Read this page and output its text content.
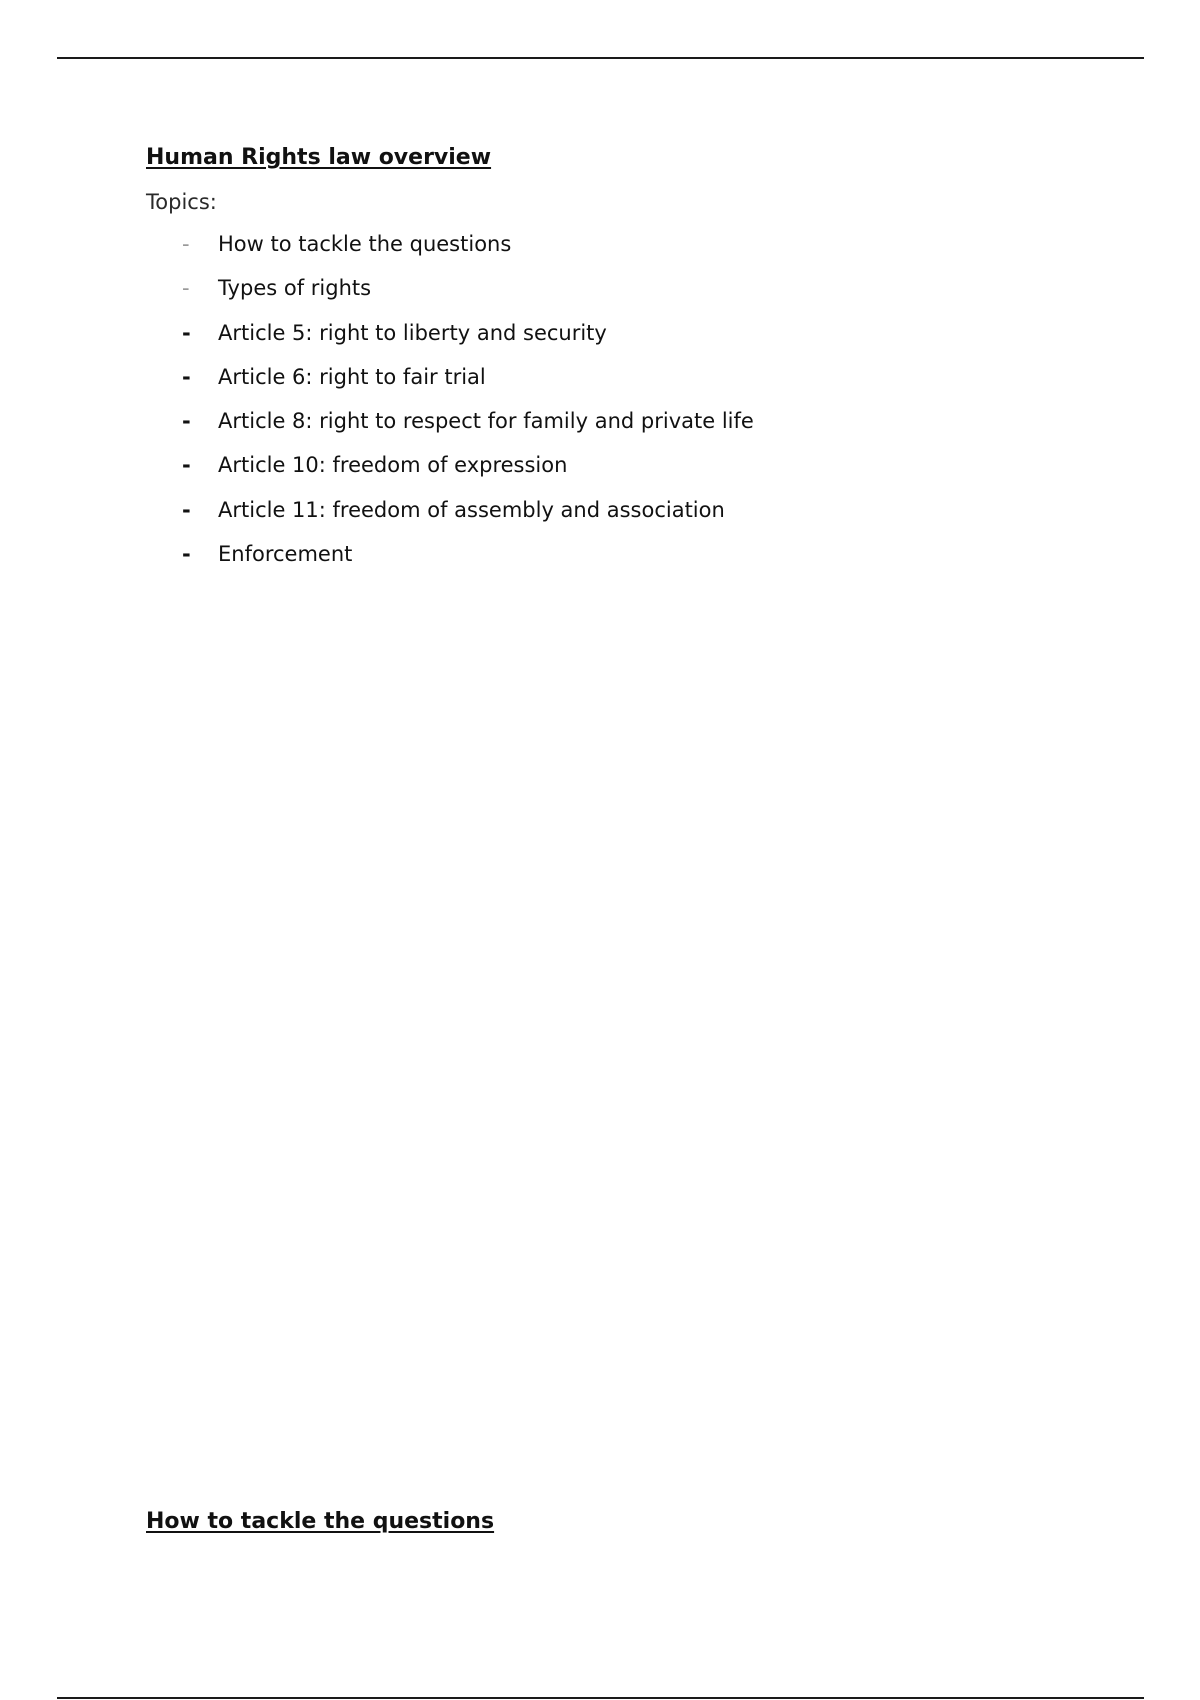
Human Rights law overview
Topics:
- How to tackle the questions
- Types of rights
- Article 5: right to liberty and security
- Article 6: right to fair trial
- Article 8: right to respect for family and private life
- Article 10: freedom of expression
- Article 11: freedom of assembly and association
- Enforcement
How to tackle the questions
